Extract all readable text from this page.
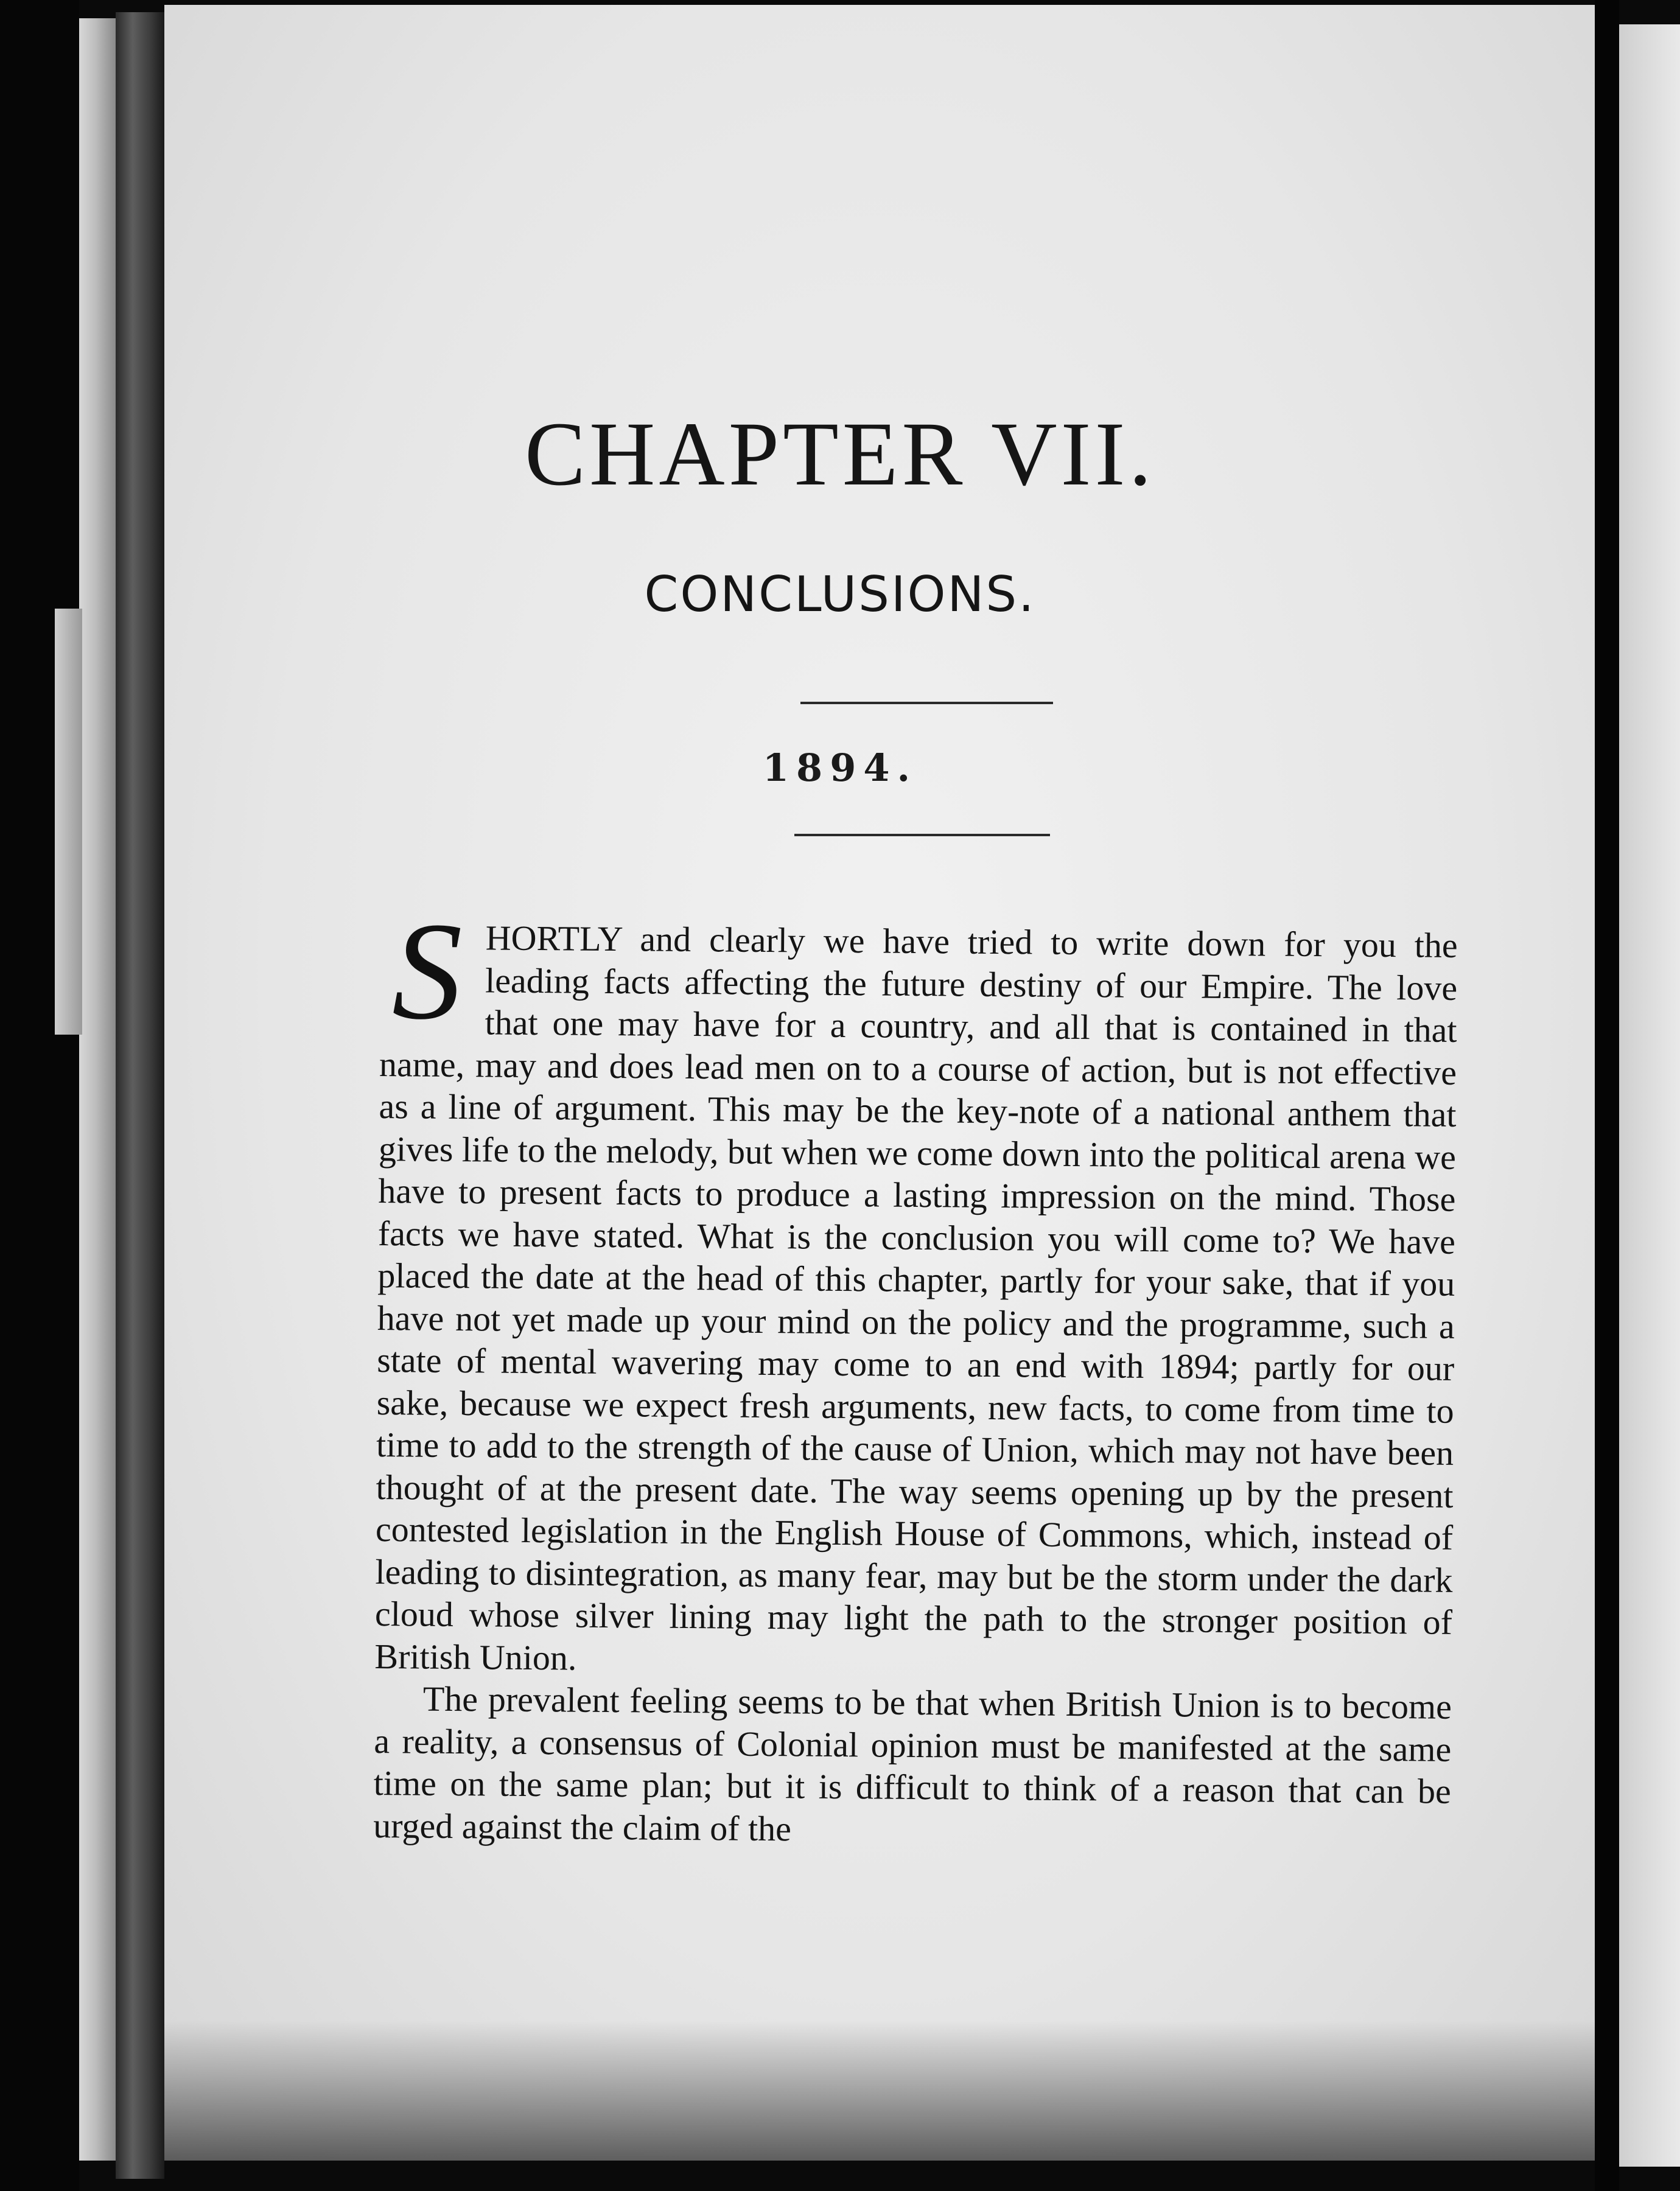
CHAPTER VII.
CONCLUSIONS.
1894.

SHORTLY and clearly we have tried to write down for you the leading facts affecting the future destiny of our Empire. The love that one may have for a country, and all that is contained in that name, may and does lead men on to a course of action, but is not effective as a line of argument. This may be the key-note of a national anthem that gives life to the melody, but when we come down into the political arena we have to present facts to produce a lasting impression on the mind. Those facts we have stated. What is the conclusion you will come to? We have placed the date at the head of this chapter, partly for your sake, that if you have not yet made up your mind on the policy and the programme, such a state of mental wavering may come to an end with 1894; partly for our sake, because we expect fresh arguments, new facts, to come from time to time to add to the strength of the cause of Union, which may not have been thought of at the present date. The way seems opening up by the present contested legislation in the English House of Commons, which, instead of leading to disintegration, as many fear, may but be the storm under the dark cloud whose silver lining may light the path to the stronger position of British Union.

The prevalent feeling seems to be that when British Union is to become a reality, a consensus of Colonial opinion must be manifested at the same time on the same plan; but it is difficult to think of a reason that can be urged against the claim of the
